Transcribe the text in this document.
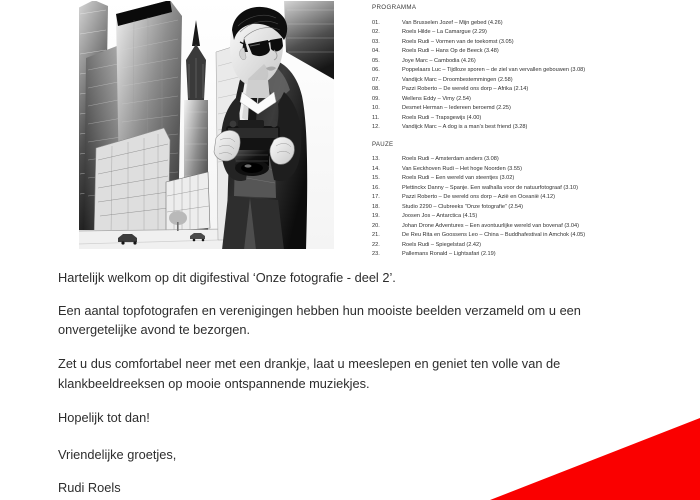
PROGRAMMA
01.	Van Brusselen Jozef – Mijn gebed (4.26)
02.	Roels Hilde – La Camargue (2.29)
03.	Roels Rudi – Vormen van de toekomst (3.05)
04.	Roels Rudi – Hans Op de Beeck (3.48)
05.	Joye Marc – Cambodia (4.26)
06.	Poppelaars Luc – Tijdloze sporen – de ziel van vervallen gebouwen (3.08)
07.	Vandijck Marc – Droombestemmingen (2.58)
08.	Pazzi Roberto – De wereld ons dorp – Afrika (2.14)
09.	Wellens Eddy – Vimy (2.54)
10.	Desmet Herman – Iedereen beroemd (2.25)
11.	Roels Rudi – Trapsgewijs (4.00)
12.	Vandijck Marc – A dog is a man's best friend (3.28)
PAUZE
13.	Roels Rudi – Amsterdam anders (3.08)
14.	Van Eeckhoven Rudi – Het hoge Noorden (3.55)
15.	Roels Rudi – Een wereld van steentjes (3.02)
16.	Plettinckx Danny – Spanje. Een walhalla voor de natuurfotograaf (3.10)
17.	Pazzi Roberto – De wereld ons dorp – Azië en Oceanië (4.12)
18.	Studio 2290 – Clubreeks “Onze fotografie” (2.54)
19.	Joosen Jos – Antarctica (4.15)
20.	Johan Drone Adventures – Een avontuurlijke wereld van bovenaf (3.04)
21.	De Reu Rita en Goossens Leo – China – Buddhafestival in Amchok (4.05)
22.	Roels Rudi – Spiegelstad (2.42)
23.	Pallemans Ronald – Lightsafari (2.19)

Hartelijk welkom op dit digifestival ‘Onze fotografie - deel 2’.

Een aantal topfotografen en verenigingen hebben hun mooiste beelden verzameld om u een onvergetelijke avond te bezorgen.

Zet u dus comfortabel neer met een drankje, laat u meeslepen en geniet ten volle van de klankbeeldreeksen op mooie ontspannende muziekjes.

Hopelijk tot dan!

Vriendelijke groetjes,

Rudi Roels
